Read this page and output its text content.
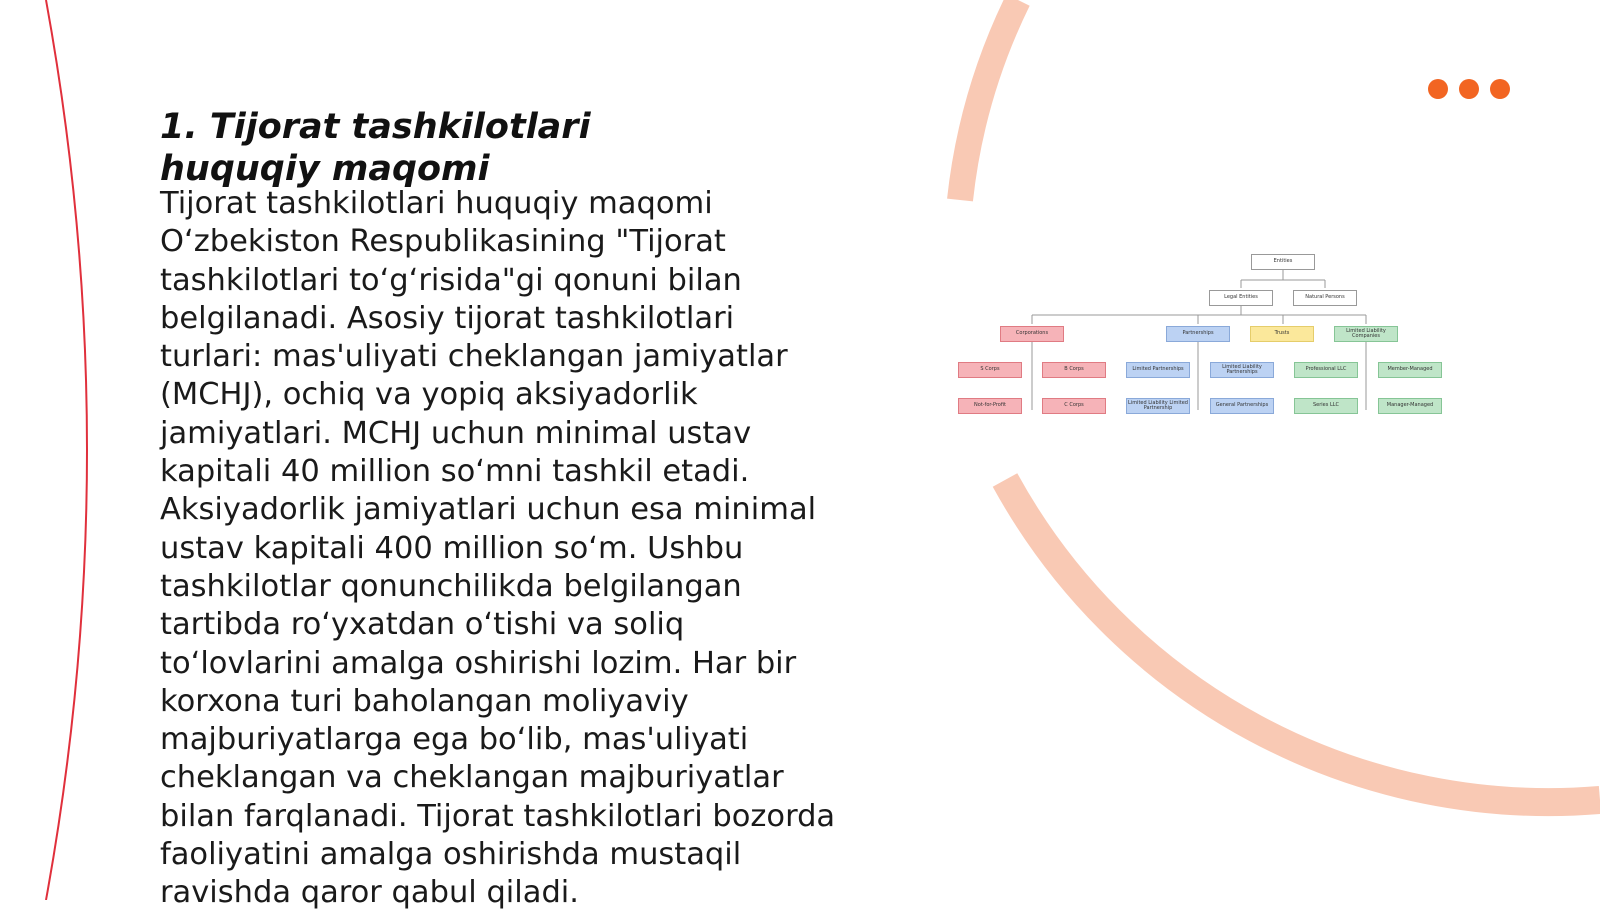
1. Tijorat tashkilotlari huquqiy maqomi

Tijorat tashkilotlari huquqiy maqomi O‘zbekiston Respublikasining "Tijorat tashkilotlari to‘g‘risida"gi qonuni bilan belgilanadi. Asosiy tijorat tashkilotlari turlari: mas'uliyati cheklangan jamiyatlar (MCHJ), ochiq va yopiq aksiyadorlik jamiyatlari. MCHJ uchun minimal ustav kapitali 40 million so‘mni tashkil etadi. Aksiyadorlik jamiyatlari uchun esa minimal ustav kapitali 400 million so‘m. Ushbu tashkilotlar qonunchilikda belgilangan tartibda ro‘yxatdan o‘tishi va soliq to‘lovlarini amalga oshirishi lozim. Har bir korxona turi baholangan moliyaviy majburiyatlarga ega bo‘lib, mas'uliyati cheklangan va cheklangan majburiyatlar bilan farqlanadi. Tijorat tashkilotlari bozorda faoliyatini amalga oshirishda mustaqil ravishda qaror qabul qiladi.

Entities
Legal Entities	Natural Persons
Corporations	Partnerships	Trusts	Limited Liability Companies
S Corps	B Corps	Limited Partnerships	Limited Liability Partnerships	Professional LLC	Member-Managed
Not-for-Profit	C Corps	Limited Liability Limited Partnership	General Partnerships	Series LLC	Manager-Managed
